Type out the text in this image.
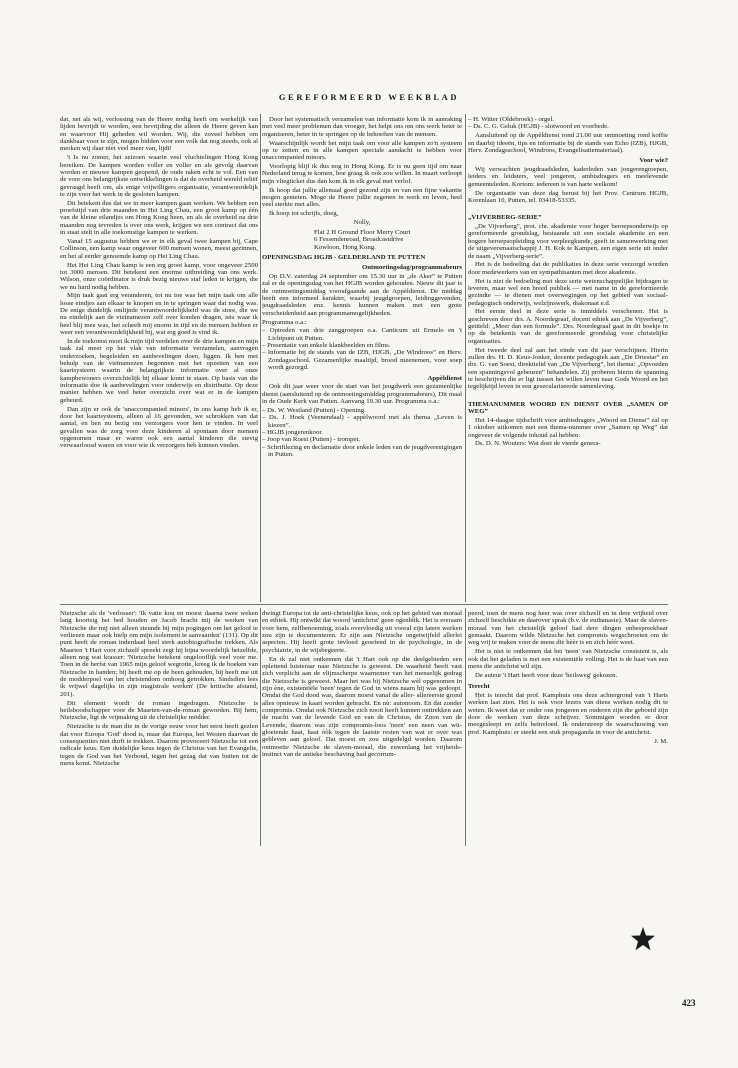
GEREFORMEERD WEEKBLAD

dat, net als wij, verlossing van de Heere nodig heeft om werkelijk van lijden bevrijdt te worden, een bevrijding die alleen de Heere geven kan en waarvoor Hij geheden wil worden. Wij, die zoveel hebben om dankbaar voor te zijn, mogen bidden voor een volk dat nog steeds, ook al merken wij daar niet veel meer van, lijdt!

't Is nu zomer, het seizoen waarin veel vluchtelingen Hong Kong bereiken. De kampen worden voller en voller en als gevolg daarvan worden er nieuwe kampen geopend, de oude raken echt te vol. Een van de voor ons belangrijkste ontwikkelingen is dat de overheid wereld reliëf gevraagd heeft om, als enige vrijwilligers organisatie, verantwoordelijk te zijn voor het werk in de gesloten kampen.

Dit betekent dus dat we in meer kampen gaan werken. We hebben een proefstijd van drie maanden in Hei Ling Chau, een groot kamp op één van de kleine eilandjes om Hong Kong heen, en als de overheid na drie maanden nog tevreden is over ons werk, krijgen we een contract dat ons in staat stelt in alle toekomstige kampen te werken.

Vanaf 15 augustus hebben we er in elk geval twee kampen bij, Cape Collinson, een kamp waar ongeveer 600 mensen wonen, meest gezinnen, en het al eerder genoemde kamp op Hei Ling Chau.

Het Hei Ling Chau kamp is een erg groot kamp, voor ongeveer 2500 tot 3000 mensen. Dit betekent een enorme uitbreiding van ons werk. Wilson, onze coördinator is druk bezig nieuwe staf leden te krijgen, die we nu hard nodig hebben.

Mijn taak gaat erg veranderen, tot nu toe was het mijn taak om alle losse eindjes aan elkaar te knopen en in te springen waar dat nodig was. De enige duidelijk omlijnde verantwoordelijkheid was de store, die we nu eindelijk aan de vietnamezen zelf over konden dragen, iets waar ik heel blij mee was, het scheelt mij enorm in tijd en de mensen hebben er weer een verantwoordelijkheid bij, wat erg goed is vind ik.

In de toekomst moet ik mijn tijd verdelen over de drie kampen en mijn taak zal meer op het vlak van informatie verzamelen, aanvragen onderzoeken, begeleiden en aanbevelingen doen, liggen. Ik ben met behulp van de vietnamezen begonnen met het opzetten van een kaartsysteem waarin de belangrijkste informatie over al onze kampbewoners overzichtelijk bij elkaar komt te staan. Op basis van die informatie doe ik aanbevelingen voor onderwijs en distributie. Op deze manier hebben we veel beter overzicht over wat er in de kampen gebeurd.

Dan zijn er ook de 'unaccompanied minors', in ons kamp heb ik er, door het kaartsysteem, alleen al 16 gevonden, we schrokken van dat aantal, en ben nu bezig om verzorgers voor hen te vinden. In veel gevallen was de zorg voor deze kinderen al spontaan door mensen opgenomen maar er waren ook een aantal kinderen die stevig verwaarloosd waren en voor wie ik verzorgers heb kunnen vinden.

Door het systematisch verzamelen van informatie kom ik in aanraking met veel meer problemen dan vroeger, het helpt ons om ons werk beter te organiseren, beter in te springen op de behoeften van de mensen.

Waarschijnlijk wordt het mijn taak om voor alle kampen zo'n systeem op te zetten en in alle kampen speciale aandacht te hebben voor unaccompanied minors.

Voorlopig blijf ik dus nog in Hong Kong. Er is nu geen tijd om naar Nederland terug te komen, hoe graag ik ook zou willen. In maart verloopt mijn vliegticket dus dan kom ik in elk geval met verlof.

Ik hoop dat jullie allemaal goed gezond zijn en van een fijne vakantie mogen genieten. Moge de Heere jullie zegenen in werk en leven, heel veel sterkte met alles.

Ik hoop tot schrijfs, doeg,

Nolly,

Flat 2 H Ground Floor Merry Court
6 Fessendenroad, Broadcastdrive
Kowloon, Hong Kong.

OPENINGSDAG HGJB - GELDERLAND TE PUTTEN

Ontmoetingsdag/programmabeurs

Op D.V. zaterdag 24 september om 15.30 uur in „de Aker” te Putten zal er de openingsdag van het HGJB worden gehouden. Nieuw dit jaar is de ontmoetingsmiddag voorafgaande aan de Appèldienst. De middag heeft een informeel karakter, waarbij jeugdgroepen, leidinggevenden, jeugdraadsleden enz. kennis kunnen maken met een grote verscheidenheid aan programmamogelijkheden.

Programma o.a.:

– Optreden van drie zanggroepen o.a. Canticum uit Ermelo en 't Lichtpunt uit Putten.
– Presentatie van enkele klankbeelden en films.
– Informatie bij de stands van de IZB, HJGB, „De Windroos” en Herv. Zondagsschool. Gezamenlijke maaltijd, brood meenemen, voor soep wordt gezorgd.

Appèldienst

Ook dit jaar weer voor de start van het jeugdwerk een gezamenlijke dienst (aansluitend op de ontmoetingsmiddag programmabeurs), Dit maal in de Oude Kerk van Putten. Aanvang 19.30 uur. Programma o.a.:

– Ds. W. Westland (Putten) - Opening.
– Ds. J. Hoek (Veenendaal) - appèlwoord met als thema „Leven is kiezen”.
– HGJB jongerenkoor.
– Joop van Roest (Putten) - trompet.
– Schriftlezing en declamatie door enkele leden van de jeugdverenigingen in Putten.
– H. Witter (Oldebroek) - orgel.
– Ds. C. G. Geluk (HGJB) - slotwoord en voorbede.

Aansluitend op de Appèldienst rond 21.00 uur ontmoeting rond koffie en daarbij ideeën, tips en informatie bij de stands van Echo (IZB), HJGB, Herv. Zondagsschool, Windroos, Evangelisatiemateriaal).

Voor wie?

Wij verwachten jeugdraadsleden, kaderleden van jongerengroepen, leiders en leidsters, veel jongeren, ambtsdragers en meelevende gemeenteleden. Kortom: iedereen is van harte welkom!

De organisatie van deze dag berust bij het Prov. Centrum HGJB, Korenlaan 10, Putten, tel. 03418-53335.

„VIJVERBERG-SERIE”

„De Vijverberg”, prot. chr. akademie voor hoger beroepsonderwijs op gereformeerde grondslag, bestaande uit een sociale akademie en een hogere beroepsopleiding voor verpleegkunde, geeft in samenwerking met de uitgeversmaatschappij J. H. Kok te Kampen, een eigen serie uit onder de naam „Vijverberg-serie”.

Het is de bedoeling dat de publikaties in deze serie verzorgd worden door medewerkers van en sympathisanten met deze akademie.

Het is niet de bedoeling met deze serie wetenschappelijke bijdragen te leveren, maar wel een breed publiek — met name in de gereformeerde gezindte — te dienen met overwegingen op het gebied van sociaal-pedagogisch onderwijs, welzijnswerk, diakonaat e.d.

Het eerste deel in deze serie is inmiddels verschenen. Het is geschreven door drs. A. Noordegraaf, docent ethiek aan „De Vijverberg”, getiteld: „Meer dan een formule”. Drs. Noordegraaf gaat in dit boekje in op de betekenis van de gereformeerde grondslag voor christelijke organisaties.

Het tweede deel zal aan het einde van dit jaar verschijnen. Hierin zullen drs. H. D. Keus-Jonker, docente pedagogiek aan „De Driestar” en drs. G. van Soest, direktielid van „De Vijverberg”, het thema: „Opvoeden een spanningsvol gebeuren” behandelen. Zij proberen hierin de spanning te beschrijven die er ligt tussen het willen leven naar Gods Woord en het tegelijktijd leven in een geseculariseerde samenleving.

THEMANUMMER WOORD EN DIENST OVER „SAMEN OP WEG”

Het 14-daagse tijdschrift voor ambtsdragers „Woord en Dienst” zal op 1 oktober uitkomen met een thema-nummer over „Samen op Weg” dat ongeveer de volgende inhoud zal hebben:

Ds. D. N. Wouters: Wat doet de vierde genera-

Nietzsche als de 'verlosser': 'Ik vatte kou en moest daarna twee weken lang koortsig het bed houden en Jacob bracht mij de werken van Nietzsche die mij niet alleen steunde bij mijn pogingen om het geloof te verliezen maar ook hielp om mijn isolement te aanvaarden' (131). Op dit punt heeft de roman inderdaad heel sterk autobiografische trekken. Als Maarten 't Hart voor zichzelf spreekt zegt hij bijna woordelijk hetzelfde, alleen nog wat krasser: 'Nietzsche betekent ongelooflijk veel voor me. Toen in de herfst van 1965 mijn geloof wegrotte, kreeg ik de boeken van Nietzsche in handen; bij heeft me op de been gehouden, hij heeft me uit de modderpoel van het christendom omhoog getrokken. Sindsdien lees ik vrijwel dagelijks in zijn magistrale werken' (De kritische afstand, 201).

Dit element wordt de roman ingedragen. Nietzsche is heilsboodschapper voor de Maarten-van-de-roman geworden. Bij hem, Nietzsche, ligt de vrijmaking uit de christelijke mödder.

Nietzsche is de man die in de vorige eeuw voor het eerst heeft gezien dat voor Europa 'God' dood is, maar dat Europa, het Westen daarvan de consequenties niet durft te trekken. Daarom provoceert Nietzsche tot een radicale keus. Een duidelijke keus tegen de Christus van het Evangelie, tegen de God van het Verbond, tegen het gezag dat van buiten tot de mens komt. Nietzsche

dwingt Europa tot de anti-christelijke keus, ook op het gebied van moraal en ethiek. Hij ontwikt dat woord 'antichrist' geen ogenblik. Het is ereraam voor hem, zelfbenoeming, zoals overvloedig uit vooral zijn latere werken zou zijn te documenteren. Er zijn aan Nietzsche ongetwijfeld allerlei aspecten. Hij heeft grote invloed geoefend in de psychologie, in de psychiatrie, in de wijsbegeerte.

En ik zal niet ontkennen dat 't Hart ook op die deelgebieden een oplettend luisteraar naar Nietzsche is geweest. De waarheid 'heeft vast zich verplicht aan de vlijmscherpe waarnemer van het menselijk gedrag die Nietzsche is geweest. Maar het was bij Nietzsche wèl opgenomen in zijn ène, existentiële 'neen' tegen de God in wiens naam hij was gedoopt. Omdat die God dood was, daarom moest vanaf de aller- allereerste grond alles opnieuw in kaart worden gebracht. En nù: autonoom. En dat zonder compromis. Omdat ook Nietzsche zich nooit heeft kunnen onttrekken aan de macht van de levende God en van de Christus, de Zoon van de Levende, daarom was zijn compromis-loos 'neen' een neen van wit-gloeiende haat, haat òòk tegen de laatste resten van wat er over was gebleven aan geloof. Dat moest en zou uitgedelgd worden. Daarom ontmoette Nietzsche de slaven-moraal, die euwenlang het vrijheids-instinct van de antieke beschaving had gecorrum-

peerd, toen de mens nog heer was over zichzelf en in dere vrijheid over zichzelf beschikte en daarover sprak (b.v. de euthanasie). Maar de slaven-moraal van het christelijk geloof had dere dingen onbespreekbaar gemaakt. Daarom wilde Nietzsche het compromis wegschroeien om de weg vrij te maken voor de mens die hèèr is en zich héér weet.

Het is niet te ontkennen dat het 'neen' van Nietzsche consistent is, als ook dat het geladen is met een existentiële volling. Het is de haat van een mens die antichrist wil zijn.

De auteur 't Hart heeft voor deze 'heilsweg' gekozen.

Terecht

Het is terecht dat prof. Kamphuis ons deze achtergrond van 't Harts werken laat zien. Het is ook voor lezers van diens werken nodig dit te weten. Ik weet dat er onder ons jongeren en ouderen zijn die geboeid zijn door de werken van deze schrijver. Sommigen worden er door meegesleept en zelfs beïnvloed. Ik onderstreep de waarschuwing van prof. Kamphuis: er steekt een stuk propaganda in voor de antichrist.

J. M.

423
